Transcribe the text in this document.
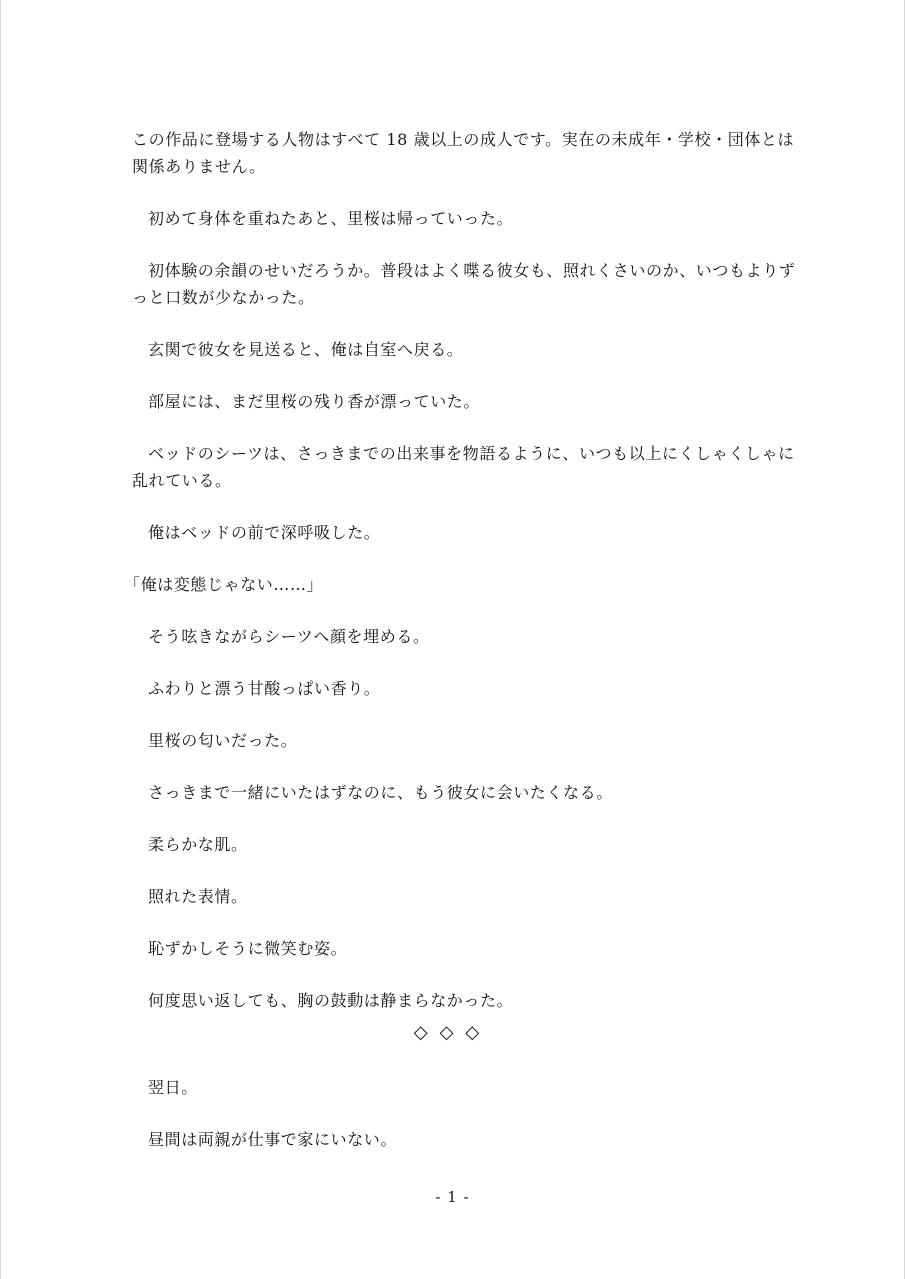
この作品に登場する人物はすべて 18 歳以上の成人です。実在の未成年・学校・団体とは

関係ありません。

初めて身体を重ねたあと、里桜は帰っていった。

初体験の余韻のせいだろうか。普段はよく喋る彼女も、照れくさいのか、いつもよりず

っと口数が少なかった。

玄関で彼女を見送ると、俺は自室へ戻る。

部屋には、まだ里桜の残り香が漂っていた。

ベッドのシーツは、さっきまでの出来事を物語るように、いつも以上にくしゃくしゃに

乱れている。

俺はベッドの前で深呼吸した。

「俺は変態じゃない……」

そう呟きながらシーツへ顔を埋める。

ふわりと漂う甘酸っぱい香り。

里桜の匂いだった。

さっきまで一緒にいたはずなのに、もう彼女に会いたくなる。

柔らかな肌。

照れた表情。

恥ずかしそうに微笑む姿。

何度思い返しても、胸の鼓動は静まらなかった。

◇◇◇

翌日。

昼間は両親が仕事で家にいない。

- 1 -
